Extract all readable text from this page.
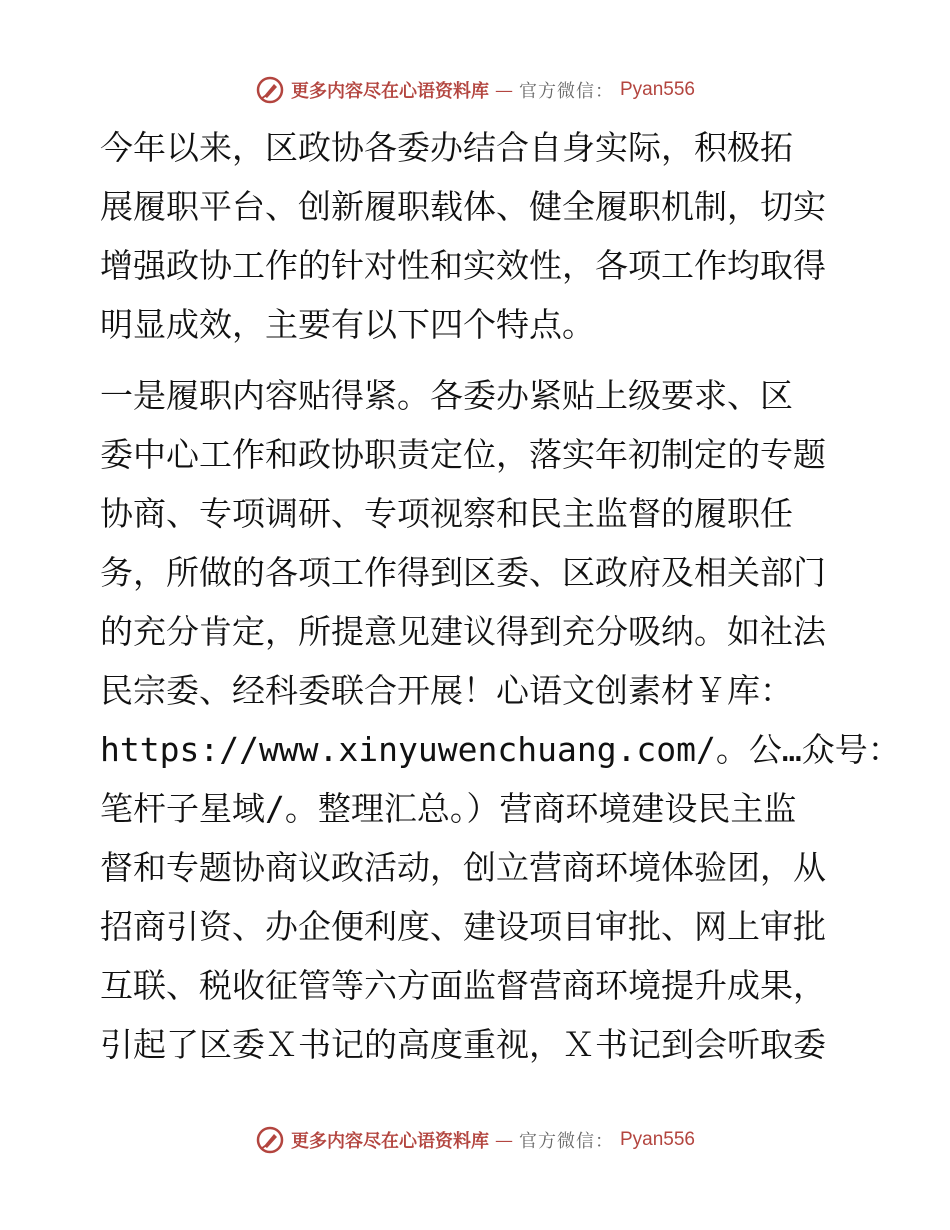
更多内容尽在心语资料库 — 官方微信： Pyan556
今年以来，区政协各委办结合自身实际，积极拓
展履职平台、创新履职载体、健全履职机制，切实
增强政协工作的针对性和实效性，各项工作均取得
明显成效，主要有以下四个特点。
一是履职内容贴得紧。各委办紧贴上级要求、区
委中心工作和政协职责定位，落实年初制定的专题
协商、专项调研、专项视察和民主监督的履职任
务，所做的各项工作得到区委、区政府及相关部门
的充分肯定，所提意见建议得到充分吸纳。如社法
民宗委、经科委联合开展！心语文创素材￥库：
https://www.xinyuwenchuang.com/。公…众号：
笔杆子星域/。整理汇总。）营商环境建设民主监
督和专题协商议政活动，创立营商环境体验团，从
招商引资、办企便利度、建设项目审批、网上审批
互联、税收征管等六方面监督营商环境提升成果，
引起了区委Ｘ书记的高度重视，Ｘ书记到会听取委
更多内容尽在心语资料库 — 官方微信： Pyan556
